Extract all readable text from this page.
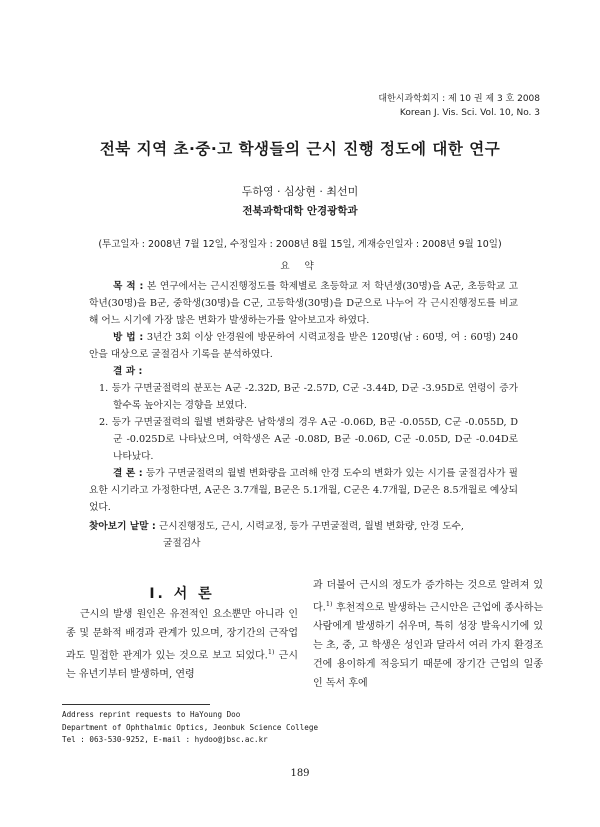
대한시과학회지 : 제 10 권 제 3 호 2008
Korean J. Vis. Sci. Vol. 10, No. 3
전북 지역 초·중·고 학생들의 근시 진행 정도에 대한 연구
두하영 · 심상현 · 최선미
전북과학대학 안경광학과
(투고일자 : 2008년 7월 12일, 수정일자 : 2008년 8월 15일, 게재승인일자 : 2008년 9월 10일)
요 약

목 적 : 본 연구에서는 근시진행정도를 학제별로 초등학교 저 학년생(30명)을 A군, 초등학교 고학년(30명)을 B군, 중학생(30명)을 C군, 고등학생(30명)을 D군으로 나누어 각 근시진행정도를 비교해 어느 시기에 가장 많은 변화가 발생하는가를 알아보고자 하였다.

방 법 : 3년간 3회 이상 안경원에 방문하여 시력교정을 받은 120명(남 : 60명, 여 : 60명) 240안을 대상으로 굴절검사 기록을 분석하였다.

결 과 :

1. 등가 구면굴절력의 분포는 A군 -2.32D, B군 -2.57D, C군 -3.44D, D군 -3.95D로 연령이 증가할수록 높아지는 경향을 보였다.

2. 등가 구면굴절력의 월별 변화량은 남학생의 경우 A군 -0.06D, B군 -0.055D, C군 -0.055D, D군 -0.025D로 나타났으며, 여학생은 A군 -0.08D, B군 -0.06D, C군 -0.05D, D군 -0.04D로 나타났다.

결 론 : 등가 구면굴절력의 월별 변화량을 고려해 안경 도수의 변화가 있는 시기를 굴절검사가 필요한 시기라고 가정한다면, A군은 3.7개월, B군은 5.1개월, C군은 4.7개월, D군은 8.5개월로 예상되었다.

찾아보기 낱말 : 근시진행정도, 근시, 시력교정, 등가 구면굴절력, 월별 변화량, 안경 도수,
굴절검사
Ⅰ. 서 론

근시의 발생 원인은 유전적인 요소뿐만 아니라 인종 및 문화적 배경과 관계가 있으며, 장기간의 근작업과도 밀접한 관계가 있는 것으로 보고 되었다.$^{1)}$ 근시는 유년기부터 발생하며, 연령

과 더불어 근시의 정도가 증가하는 것으로 알려져 있다.$^{1)}$ 후천적으로 발생하는 근시안은 근업에 종사하는 사람에게 발생하기 쉬우며, 특히 성장 발육시기에 있는 초, 중, 고 학생은 성인과 달라서 여러 가지 환경조건에 용이하게 적응되기 때문에 장기간 근업의 일종인 독서 후에

Address reprint requests to HaYoung Doo
Department of Ophthalmic Optics, Jeonbuk Science College
Tel : 063-530-9252, E-mail : hydoo@jbsc.ac.kr
189
